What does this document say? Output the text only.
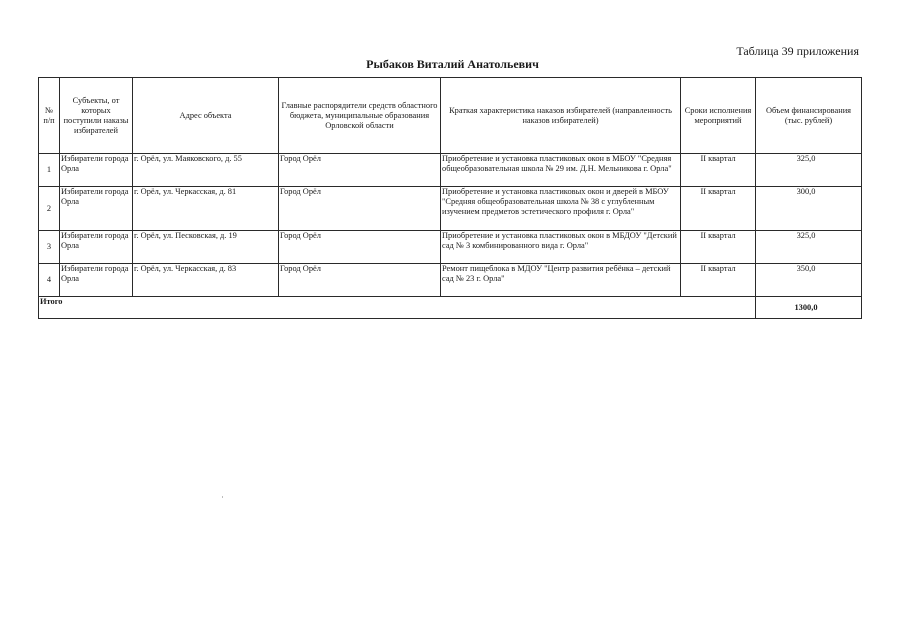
Таблица 39 приложения
Рыбаков Виталий Анатольевич
№ п/п	Субъекты, от которых поступили наказы избирателей	Адрес объекта	Главные распорядители средств областного бюджета, муниципальные образования Орловской области	Краткая характеристика наказов избирателей (направленность наказов избирателей)	Сроки исполнения мероприятий	Объем финансирования (тыс. рублей)
1	Избиратели города Орла	г. Орёл, ул. Маяковского, д. 55	Город Орёл	Приобретение и установка пластиковых окон в МБОУ "Средняя общеобразовательная школа № 29 им. Д.Н. Мельникова г. Орла"	II квартал	325,0
2	Избиратели города Орла	г. Орёл, ул. Черкасская, д. 81	Город Орёл	Приобретение и установка пластиковых окон и дверей в МБОУ "Средняя общеобразовательная школа № 38 с углубленным изучением предметов эстетического профиля г. Орла"	II квартал	300,0
3	Избиратели города Орла	г. Орёл, ул. Песковская, д. 19	Город Орёл	Приобретение и установка пластиковых окон в МБДОУ "Детский сад № 3 комбинированного вида г. Орла"	II квартал	325,0
4	Избиратели города Орла	г. Орёл, ул. Черкасская, д. 83	Город Орёл	Ремонт пищеблока в МДОУ "Центр развития ребёнка – детский сад № 23 г. Орла"	II квартал	350,0
Итого						1300,0
